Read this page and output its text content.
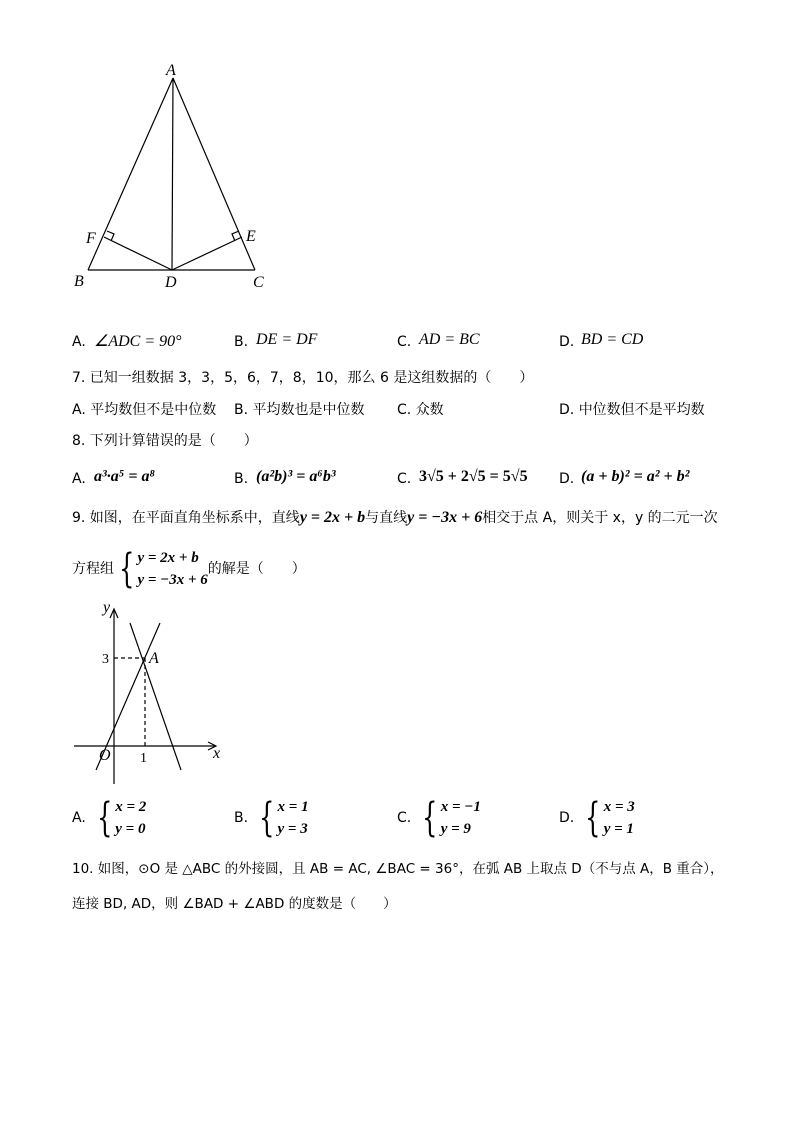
A
F	E
B	D	C
A. ∠ADC = 90°	B. DE = DF	C. AD = BC	D. BD = CD
7. 已知一组数据 3，3，5，6，7，8，10，那么 6 是这组数据的（　　）
A. 平均数但不是中位数 B. 平均数也是中位数 C. 众数	D. 中位数但不是平均数
8. 下列计算错误的是（　　）
A. a³·a⁵ = a⁸	B. (a²b)³ = a⁶b³	C. 3√5 + 2√5 = 5√5 D. (a + b)² = a² + b²
9. 如图，在平面直角坐标系中，直线y = 2x + b与直线y = −3x + 6相交于点 A，则关于 x，y 的二元一次
方程组 { y = 2x + b
y = −3x + 6
的解是（　　）
y
x
O
3
1
A
A. { x = 2
y = 0
B. { x = 1
y = 3
C. { x = −1
y = 9
D. { x = 3
y = 1
10. 如图，⊙O 是 △ABC 的外接圆，且 AB = AC, ∠BAC = 36°，在弧 AB 上取点 D（不与点 A，B 重合），
连接 BD, AD，则 ∠BAD + ∠ABD 的度数是（　　）
